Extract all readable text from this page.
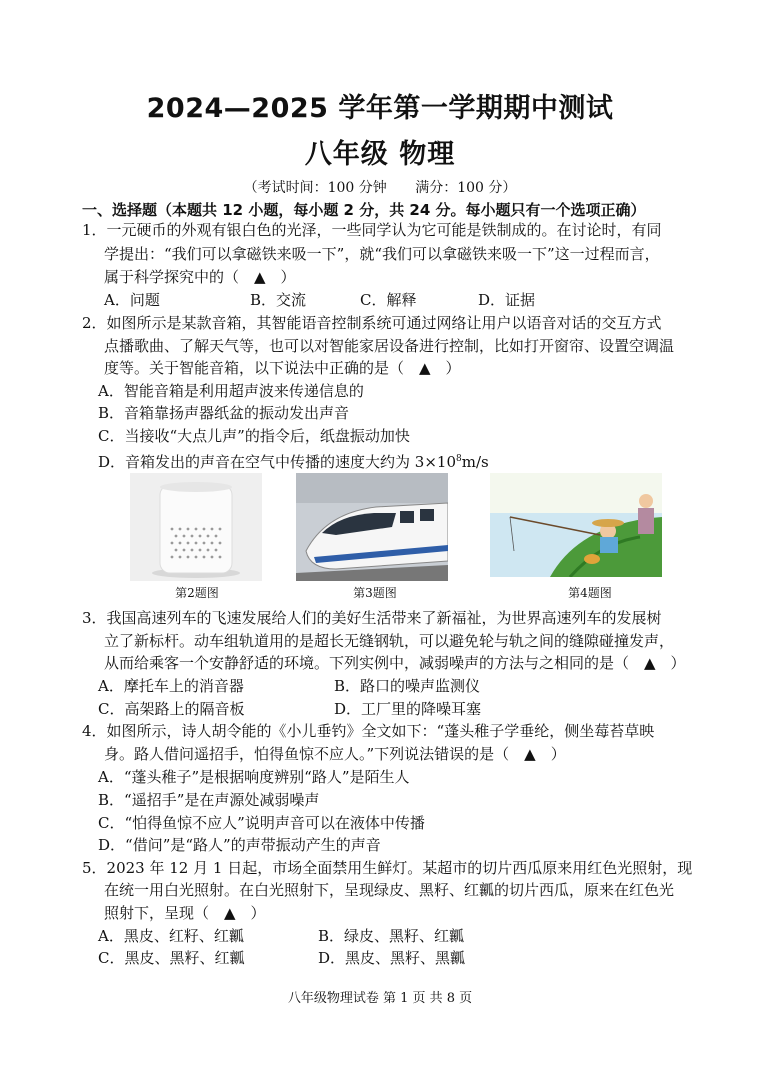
2024—2025 学年第一学期期中测试
八年级 物理
（考试时间：100 分钟 满分：100 分）
一、选择题（本题共 12 小题，每小题 2 分，共 24 分。每小题只有一个选项正确）
1．一元硬币的外观有银白色的光泽，一些同学认为它可能是铁制成的。在讨论时，有同
学提出：“我们可以拿磁铁来吸一下”，就“我们可以拿磁铁来吸一下”这一过程而言，
属于科学探究中的（　▲　）
A．问题	B．交流	C．解释	D．证据
2．如图所示是某款音箱，其智能语音控制系统可通过网络让用户以语音对话的交互方式
点播歌曲、了解天气等，也可以对智能家居设备进行控制，比如打开窗帘、设置空调温
度等。关于智能音箱，以下说法中正确的是（　▲　）
A．智能音箱是利用超声波来传递信息的
B．音箱靠扬声器纸盆的振动发出声音
C．当接收“大点儿声”的指令后，纸盘振动加快
D．音箱发出的声音在空气中传播的速度大约为 $3\times 10^8m/s$
第2题图	第3题图	第4题图
3．我国高速列车的飞速发展给人们的美好生活带来了新福祉，为世界高速列车的发展树
立了新标杆。动车组轨道用的是超长无缝钢轨，可以避免轮与轨之间的缝隙碰撞发声，
从而给乘客一个安静舒适的环境。下列实例中，减弱噪声的方法与之相同的是（　▲　）
A．摩托车上的消音器	B．路口的噪声监测仪
C．高架路上的隔音板	D．工厂里的降噪耳塞
4．如图所示，诗人胡令能的《小儿垂钓》全文如下：“蓬头稚子学垂纶，侧坐莓苔草映
身。路人借问遥招手，怕得鱼惊不应人。”下列说法错误的是（　▲　）
A．“蓬头稚子”是根据响度辨别“路人”是陌生人
B．“遥招手”是在声源处减弱噪声
C．“怕得鱼惊不应人”说明声音可以在液体中传播
D．“借问”是“路人”的声带振动产生的声音
5．2023 年 12 月 1 日起，市场全面禁用生鲜灯。某超市的切片西瓜原来用红色光照射，现
在统一用白光照射。在白光照射下，呈现绿皮、黑籽、红瓤的切片西瓜，原来在红色光
照射下，呈现（　▲　）
A．黑皮、红籽、红瓤	B．绿皮、黑籽、红瓤
C．黑皮、黑籽、红瓤	D．黑皮、黑籽、黑瓤
八年级物理试卷 第 1 页 共 8 页
